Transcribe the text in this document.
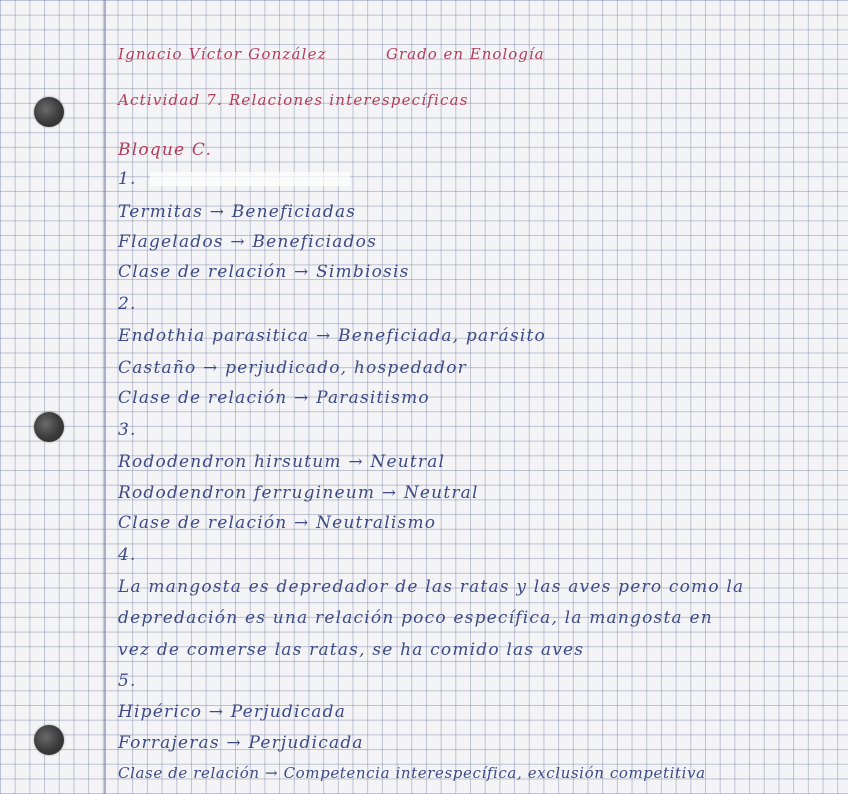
Ignacio Víctor González	Grado en Enología
Actividad 7. Relaciones interespecíficas
Bloque C.
1.
Termitas → Beneficiadas
Flagelados → Beneficiados
Clase de relación → Simbiosis
2.
Endothia parasitica → Beneficiada, parásito
Castaño → perjudicado, hospedador
Clase de relación → Parasitismo
3.
Rododendron hirsutum → Neutral
Rododendron ferrugineum → Neutral
Clase de relación → Neutralismo
4.
La mangosta es depredador de las ratas y las aves pero como la
depredación es una relación poco específica, la mangosta en
vez de comerse las ratas, se ha comido las aves
5.
Hipérico → Perjudicada
Forrajeras → Perjudicada
Clase de relación → Competencia interespecífica, exclusión competitiva
